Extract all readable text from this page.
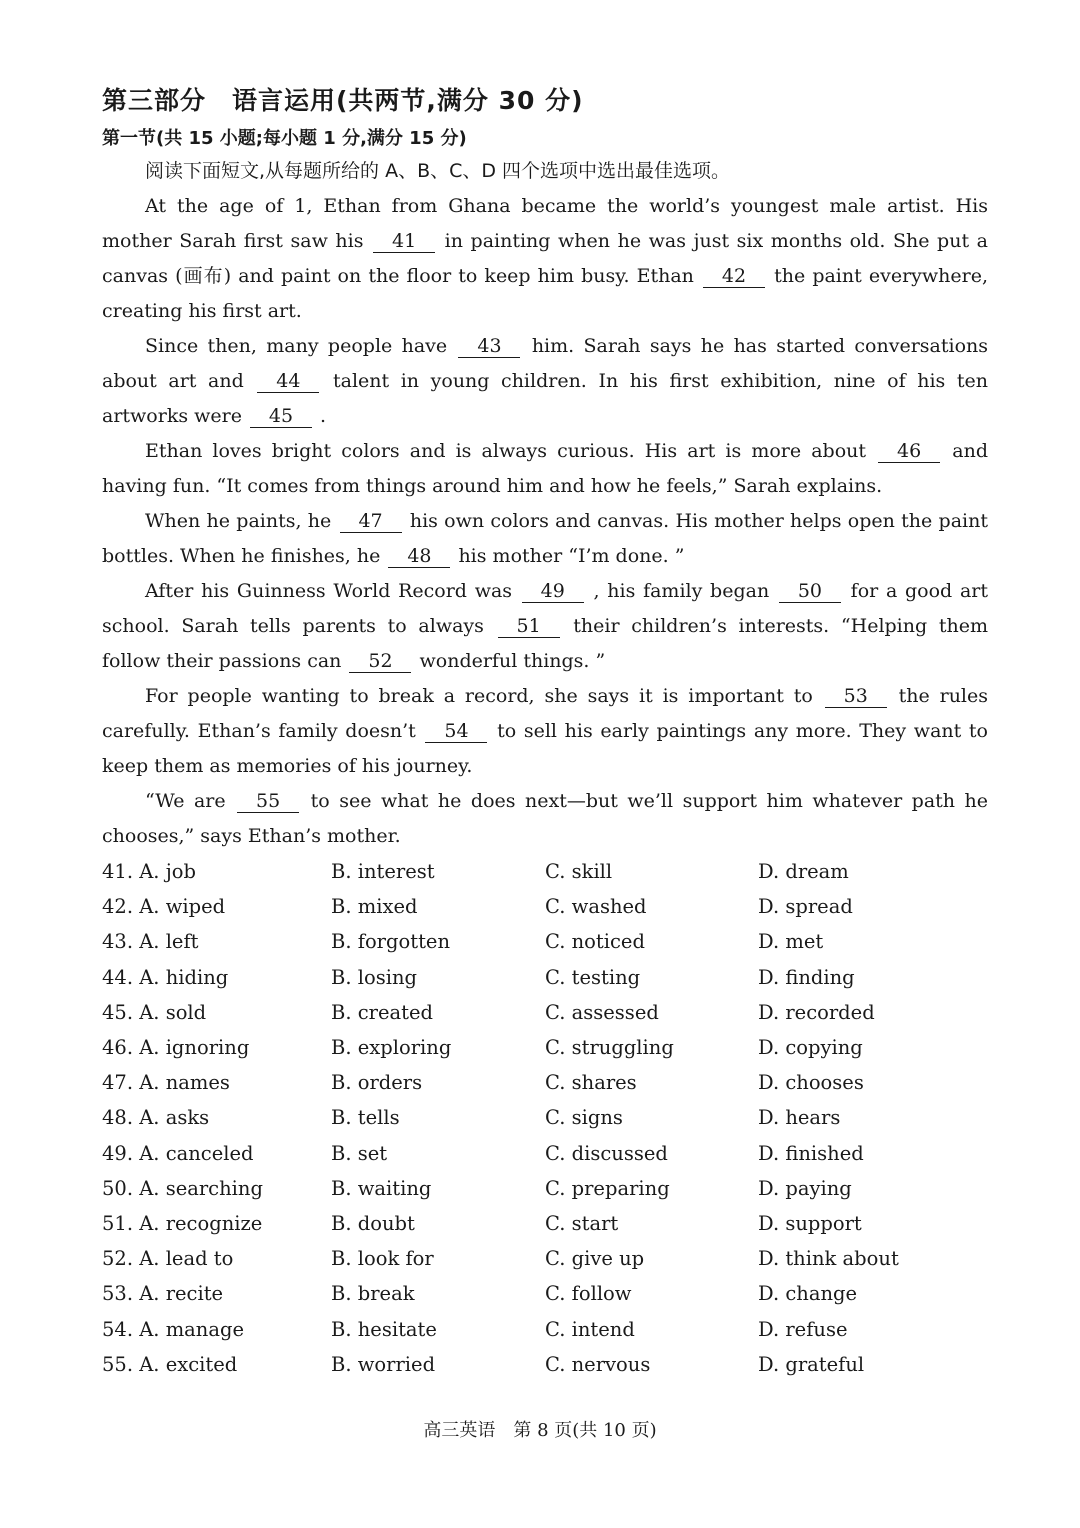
第三部分　语言运用(共两节,满分 30 分)
第一节(共 15 小题;每小题 1 分,满分 15 分)

阅读下面短文,从每题所给的 A、B、C、D 四个选项中选出最佳选项。

At the age of 1, Ethan from Ghana became the world’s youngest male artist. His mother Sarah first saw his 41 in painting when he was just six months old. She put a canvas (画布) and paint on the floor to keep him busy. Ethan 42 the paint everywhere, creating his first art.

Since then, many people have 43 him. Sarah says he has started conversations about art and 44 talent in young children. In his first exhibition, nine of his ten artworks were 45 .

Ethan loves bright colors and is always curious. His art is more about 46 and having fun. “It comes from things around him and how he feels,” Sarah explains.

When he paints, he 47 his own colors and canvas. His mother helps open the paint bottles. When he finishes, he 48 his mother “I’m done. ”

After his Guinness World Record was 49 , his family began 50 for a good art school. Sarah tells parents to always 51 their children’s interests. “Helping them follow their passions can 52 wonderful things. ”

For people wanting to break a record, she says it is important to 53 the rules carefully. Ethan’s family doesn’t 54 to sell his early paintings any more. They want to keep them as memories of his journey.

“We are 55 to see what he does next—but we’ll support him whatever path he chooses,” says Ethan’s mother.

41. A. job	B. interest	C. skill	D. dream
42. A. wiped	B. mixed	C. washed	D. spread
43. A. left	B. forgotten	C. noticed	D. met
44. A. hiding	B. losing	C. testing	D. finding
45. A. sold	B. created	C. assessed	D. recorded
46. A. ignoring	B. exploring	C. struggling	D. copying
47. A. names	B. orders	C. shares	D. chooses
48. A. asks	B. tells	C. signs	D. hears
49. A. canceled	B. set	C. discussed	D. finished
50. A. searching	B. waiting	C. preparing	D. paying
51. A. recognize	B. doubt	C. start	D. support
52. A. lead to	B. look for	C. give up	D. think about
53. A. recite	B. break	C. follow	D. change
54. A. manage	B. hesitate	C. intend	D. refuse
55. A. excited	B. worried	C. nervous	D. grateful
高三英语　第 8 页(共 10 页)
